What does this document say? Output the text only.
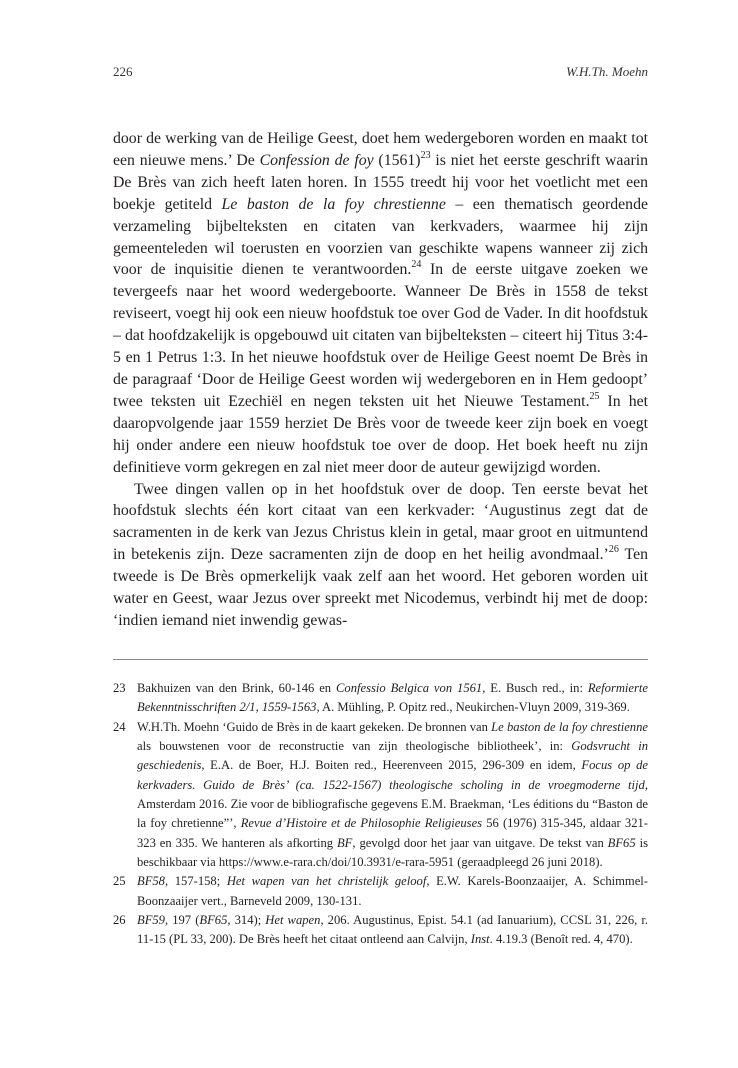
226	W.H.Th. Moehn

door de werking van de Heilige Geest, doet hem wedergeboren worden en maakt tot een nieuwe mens.’ De Confession de foy $(1561)^{23}$ is niet het eerste geschrift waarin De Brès van zich heeft laten horen. In 1555 treedt hij voor het voetlicht met een boekje getiteld Le baston de la foy chrestienne – een thematisch geordende verzameling bijbelteksten en citaten van kerkvaders, waarmee hij zijn gemeenteleden wil toerusten en voorzien van geschikte wapens wanneer zij zich voor de inquisitie dienen te verantwoorden.$^{24}$ In de eerste uitgave zoeken we tevergeefs naar het woord wedergeboorte. Wanneer De Brès in 1558 de tekst reviseert, voegt hij ook een nieuw hoofdstuk toe over God de Vader. In dit hoofdstuk – dat hoofdzakelijk is opgebouwd uit citaten van bijbelteksten – citeert hij Titus 3:4-5 en 1 Petrus 1:3. In het nieuwe hoofdstuk over de Heilige Geest noemt De Brès in de paragraaf ‘Door de Heilige Geest worden wij wedergeboren en in Hem gedoopt’ twee teksten uit Ezechiël en negen teksten uit het Nieuwe Testament.$^{25}$ In het daaropvolgende jaar 1559 herziet De Brès voor de tweede keer zijn boek en voegt hij onder andere een nieuw hoofdstuk toe over de doop. Het boek heeft nu zijn definitieve vorm gekregen en zal niet meer door de auteur gewijzigd worden.

Twee dingen vallen op in het hoofdstuk over de doop. Ten eerste bevat het hoofdstuk slechts één kort citaat van een kerkvader: ‘Augustinus zegt dat de sacramenten in de kerk van Jezus Christus klein in getal, maar groot en uitmuntend in betekenis zijn. Deze sacramenten zijn de doop en het heilig avondmaal.’$^{26}$ Ten tweede is De Brès opmerkelijk vaak zelf aan het woord. Het geboren worden uit water en Geest, waar Jezus over spreekt met Nicodemus, verbindt hij met de doop: ‘indien iemand niet inwendig gewas-

23 Bakhuizen van den Brink, 60-146 en Confessio Belgica von 1561, E. Busch red., in: Reformierte Bekenntnisschriften 2/1, 1559-1563, A. Mühling, P. Opitz red., Neukirchen-Vluyn 2009, 319-369.
24 W.H.Th. Moehn ‘Guido de Brès in de kaart gekeken. De bronnen van Le baston de la foy chrestienne als bouwstenen voor de reconstructie van zijn theologische bibliotheek’, in: Godsvrucht in geschiedenis, E.A. de Boer, H.J. Boiten red., Heerenveen 2015, 296-309 en idem, Focus op de kerkvaders. Guido de Brès’ (ca. 1522-1567) theologische scholing in de vroegmoderne tijd, Amsterdam 2016. Zie voor de bibliografische gegevens E.M. Braekman, ‘Les éditions du “Baston de la foy chretienne”’, Revue d’Histoire et de Philosophie Religieuses 56 (1976) 315-345, aldaar 321-323 en 335. We hanteren als afkorting BF, gevolgd door het jaar van uitgave. De tekst van BF65 is beschikbaar via https://www.e-rara.ch/doi/10.3931/e-rara-5951 (geraadpleegd 26 juni 2018).
25 BF58, 157-158; Het wapen van het christelijk geloof, E.W. Karels-Boonzaaijer, A. Schimmel-Boonzaaijer vert., Barneveld 2009, 130-131.
26 BF59, 197 (BF65, 314); Het wapen, 206. Augustinus, Epist. 54.1 (ad Ianuarium), CCSL 31, 226, r. 11-15 (PL 33, 200). De Brès heeft het citaat ontleend aan Calvijn, Inst. 4.19.3 (Benoît red. 4, 470).
